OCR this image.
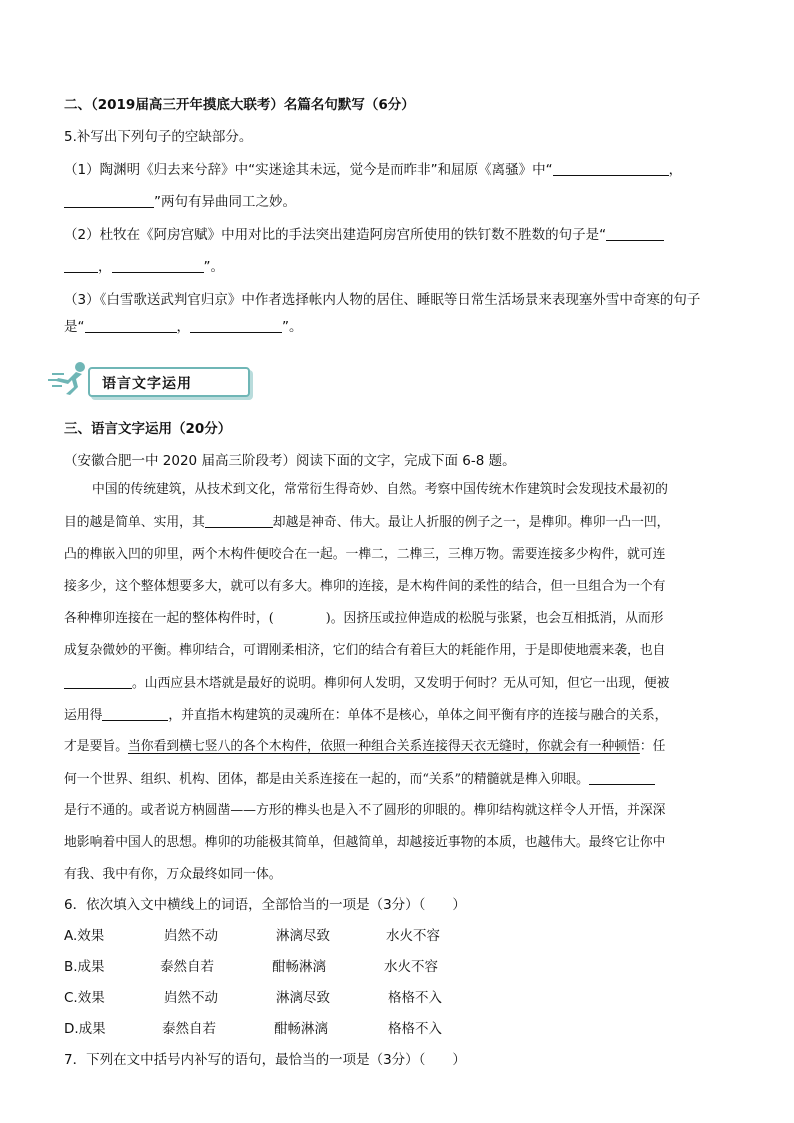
二、（2019届高三开年摸底大联考）名篇名句默写（6分）
5.补写出下列句子的空缺部分。
（1）陶渊明《归去来兮辞》中“实迷途其未远，觉今是而昨非”和屈原《离骚》中“	，
”两句有异曲同工之妙。
（2）杜牧在《阿房宫赋》中用对比的手法突出建造阿房宫所使用的铁钉数不胜数的句子是“
，	”。
（3）《白雪歌送武判官归京》中作者选择帐内人物的居住、睡眠等日常生活场景来表现塞外雪中奇寒的句子
是“	，	”。
语言文字运用
三、语言文字运用（20分）
（安徽合肥一中 2020 届高三阶段考）阅读下面的文字，完成下面 6-8 题。
中国的传统建筑，从技术到文化，常常衍生得奇妙、自然。考察中国传统木作建筑时会发现技术最初的
目的越是简单、实用，其	却越是神奇、伟大。最让人折服的例子之一，是榫卯。榫卯一凸一凹，
凸的榫嵌入凹的卯里，两个木构件便咬合在一起。一榫二，二榫三，三榫万物。需要连接多少构件，就可连
接多少，这个整体想要多大，就可以有多大。榫卯的连接，是木构件间的柔性的结合，但一旦组合为一个有
各种榫卯连接在一起的整体构件时，(	)。因挤压或拉伸造成的松脱与张紧，也会互相抵消，从而形
成复杂微妙的平衡。榫卯结合，可谓刚柔相济，它们的结合有着巨大的耗能作用，于是即使地震来袭，也自
。山西应县木塔就是最好的说明。榫卯何人发明，又发明于何时？无从可知，但它一出现，便被
运用得	，并直指木构建筑的灵魂所在：单体不是核心，单体之间平衡有序的连接与融合的关系，
才是要旨。当你看到横七竖八的各个木构件，依照一种组合关系连接得天衣无缝时，你就会有一种顿悟：任
何一个世界、组织、机构、团体，都是由关系连接在一起的，而“关系”的精髓就是榫入卯眼。
是行不通的。或者说方枘圆凿——方形的榫头也是入不了圆形的卯眼的。榫卯结构就这样令人开悟，并深深
地影响着中国人的思想。榫卯的功能极其简单，但越简单，却越接近事物的本质，也越伟大。最终它让你中
有我、我中有你，万众最终如同一体。
6．依次填入文中横线上的词语，全部恰当的一项是（3分）（　　）
A.效果	岿然不动	淋漓尽致	水火不容
B.成果	泰然自若	酣畅淋漓	水火不容
C.效果	岿然不动	淋漓尽致	格格不入
D.成果	泰然自若	酣畅淋漓	格格不入
7．下列在文中括号内补写的语句，最恰当的一项是（3分）（　　）
